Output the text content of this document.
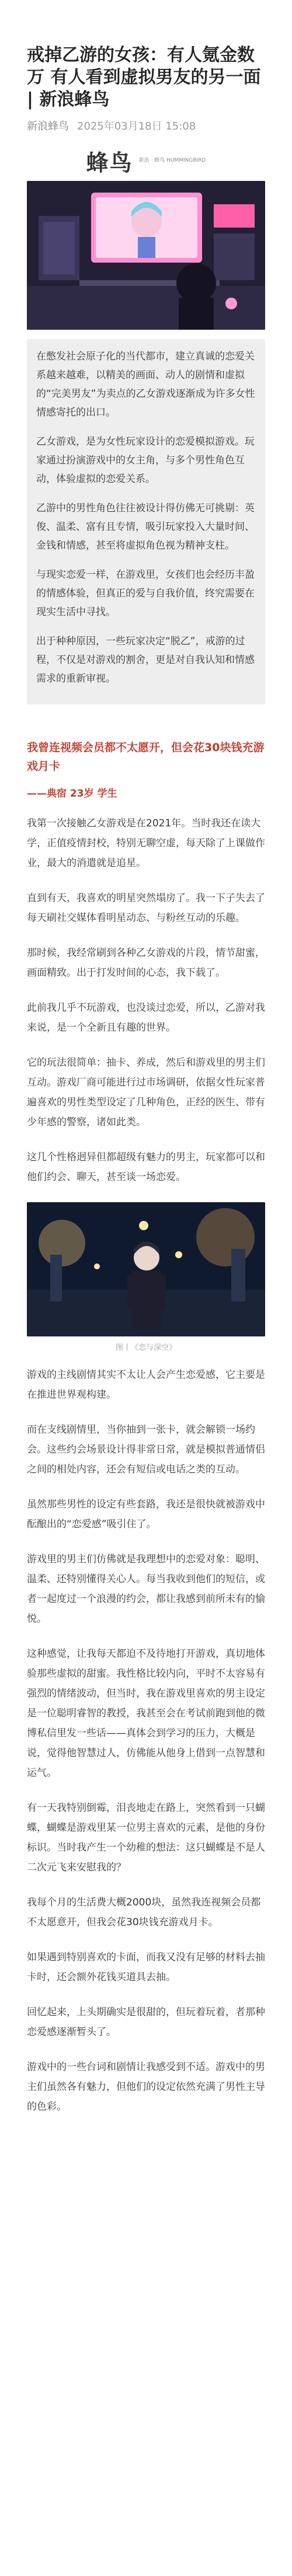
戒掉乙游的女孩：有人氪金数万 有人看到虚拟男友的另一面 | 新浪蜂鸟
新浪蜂鸟 2025年03月18日 15:08
蜂鸟 新浪 · 蜂鸟 HUMMINGBIRD

在憋发社会原子化的当代都市，建立真诚的恋爱关系越来越难，以精美的画面、动人的剧情和虚拟的“完美男友”为卖点的乙女游戏逐渐成为许多女性情感寄托的出口。

乙女游戏，是为女性玩家设计的恋爱模拟游戏。玩家通过扮演游戏中的女主角，与多个男性角色互动，体验虚拟的恋爱关系。

乙游中的男性角色往往被设计得仿佛无可挑剔：英俊、温柔、富有且专情，吸引玩家投入大量时间、金钱和情感，甚至将虚拟角色视为精神支柱。

与现实恋爱一样，在游戏里，女孩们也会经历丰盈的情感体验，但真正的爱与自我价值，终究需要在现实生活中寻找。

出于种种原因，一些玩家决定“脱乙”，戒游的过程，不仅是对游戏的割舍，更是对自我认知和情感需求的重新审视。

我曾连视频会员都不太愿开，但会花30块钱充游戏月卡

——典宿 23岁 学生

我第一次接触乙女游戏是在2021年。当时我还在读大学，正值疫情封校，特别无聊空虚，每天除了上课做作业，最大的消遣就是追星。

直到有天，我喜欢的明星突然塌房了。我一下子失去了每天刷社交媒体看明星动态、与粉丝互动的乐趣。

那时候，我经常刷到各种乙女游戏的片段，情节甜蜜，画面精致。出于打发时间的心态，我下载了。

此前我几乎不玩游戏，也没谈过恋爱，所以，乙游对我来说，是一个全新且有趣的世界。

它的玩法很简单：抽卡、养成，然后和游戏里的男主们互动。游戏厂商可能进行过市场调研，依据女性玩家普遍喜欢的男性类型设定了几种角色，正经的医生、带有少年感的警察，诸如此类。

这几个性格迥异但都超级有魅力的男主，玩家都可以和他们约会、聊天，甚至谈一场恋爱。

图丨《恋与深空》

游戏的主线剧情其实不太让人会产生恋爱感，它主要是在推进世界观构建。

而在支线剧情里，当你抽到一张卡，就会解锁一场约会。这些约会场景设计得非常日常，就是模拟普通情侣之间的相处内容，还会有短信或电话之类的互动。

虽然那些男性的设定有些套路，我还是很快就被游戏中酝酿出的“恋爱感”吸引住了。

游戏里的男主们仿佛就是我理想中的恋爱对象：聪明、温柔、还特别懂得关心人。每当我收到他们的短信，或者一起度过一个浪漫的约会，都让我感到前所未有的愉悦。

这种感觉，让我每天都迫不及待地打开游戏，真切地体验那些虚拟的甜蜜。我性格比较内向，平时不太容易有强烈的情绪波动，但当时，我在游戏里喜欢的男主设定是一位聪明睿智的教授，我甚至会在考试前跑到他的微博私信里发一些话——真体会到学习的压力，大概是说，觉得他智慧过人，仿佛能从他身上借到一点智慧和运气。

有一天我特别倒霉，泪丧地走在路上，突然看到一只蝴蝶，蝴蝶是游戏里某一位男主喜欢的元素，是他的身份标识。当时我产生一个幼稚的想法：这只蝴蝶是不是人二次元飞来安慰我的？

我每个月的生活费大概2000块，虽然我连视频会员都不太愿意开，但我会花30块钱充游戏月卡。

如果遇到特别喜欢的卡面，而我又没有足够的材料去抽卡时，还会额外花钱买道具去抽。

回忆起来，上头期确实是很甜的，但玩着玩着，者那种恋爱感逐渐暂头了。

游戏中的一些台词和剧情让我感受到不适。游戏中的男主们虽然各有魅力，但他们的设定依然充满了男性主导的色彩。
